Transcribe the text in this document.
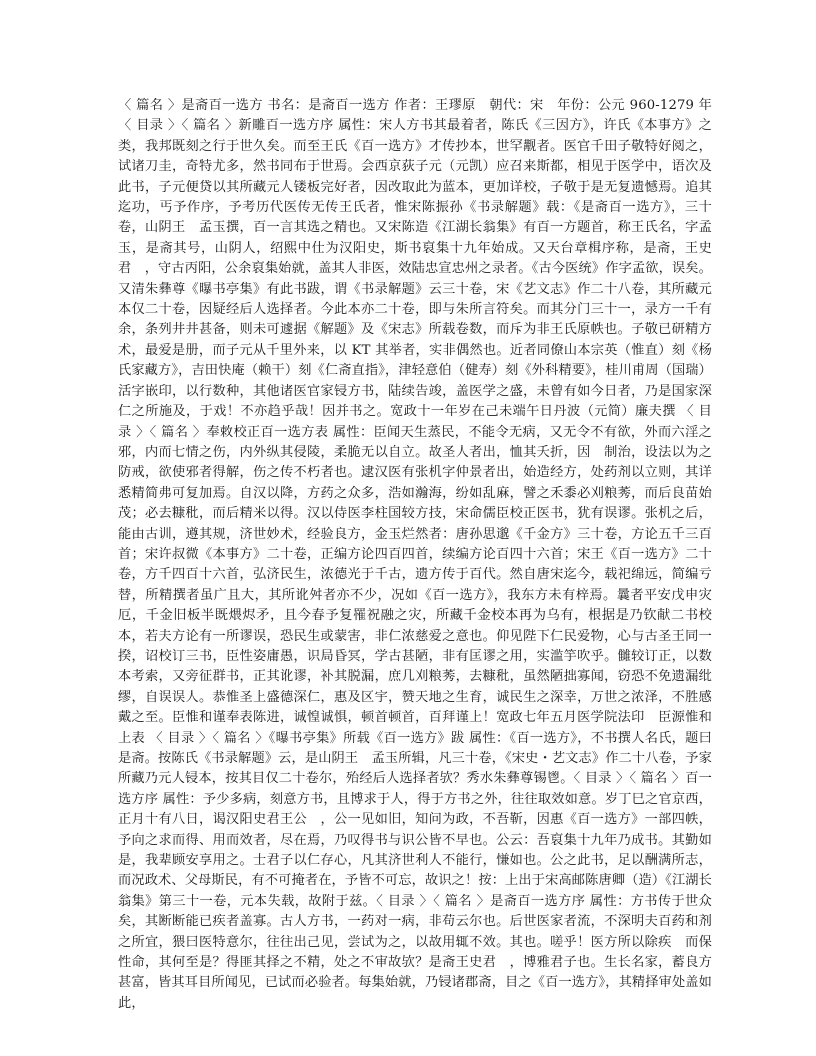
〈 篇名 〉是斋百一选方 书名：是斋百一选方 作者：王璆原　朝代：宋　年份：公元 960-1279 年 〈 目录 〉〈 篇名 〉新雕百一选方序 属性：宋人方书其最着者，陈氏《三因方》，许氏《本事方》之类，我邦既刻之行于世久矣。而至王氏《百一选方》才传抄本，世罕觏者。医官千田子敬特好阅之，试诸刀圭，奇特尤多，然书同布于世焉。会西京荻子元（元凯）应召来斯都，相见于医学中，语次及此书，子元便贷以其所藏元人镂板完好者，因改取此为蓝本，更加详校，子敬于是无复遗憾焉。追其迄功，丐予作序，予考历代医传无传王氏者，惟宋陈振孙《书录解题》载：《是斋百一选方》，三十卷，山阴王　孟玉撰，百一言其选之精也。又宋陈造《江湖长翁集》有百一方题首，称王氏名，字孟玉，是斋其号，山阴人，绍熙中仕为汉阳史，斯书裒集十九年始成。又天台章楫序称，是斋，王史君　，守古丙阳，公余裒集始就，盖其人非医，效陆忠宣忠州之录者。《古今医统》作字孟欲，误矣。又清朱彝尊《曝书亭集》有此书跋，谓《书录解题》云三十卷，宋《艺文志》作二十八卷，其所藏元本仅二十卷，因疑经后人选择者。今此本亦二十卷，即与朱所言符矣。而其分门三十一，录方一千有余，条列井井甚备，则未可遽据《解题》及《宋志》所载卷数，而斥为非王氏原帙也。子敬已研精方术，最爱是册，而子元从千里外来，以 KT 其举者，实非偶然也。近者同僚山本宗英（惟直）刻《杨氏家藏方》，吉田快庵（赖干）刻《仁斋直指》，津轻意伯（健寿）刻《外科精要》，桂川甫周（国瑞）活字嵌印，以行数种，其他诸医官家锓方书，陆续告竣，盖医学之盛，未曾有如今日者，乃是国家深仁之所施及，于戏！不亦趋乎哉！因并书之。宽政十一年岁在己未端午日丹波（元简）廉夫撰 〈 目录 〉〈 篇名 〉奉敕校正百一选方表 属性：臣闻天生蒸民，不能令无病，又无令不有欲，外而六淫之邪，内而七情之伤，内外纵其侵陵，柔脆无以自立。故圣人者出，恤其夭折，因　制治，设法以为之防戒，欲使邪者得解，伤之传不朽者也。逮汉医有张机字仲景者出，始造经方，处药剂以立则，其详悉精简弗可复加焉。自汉以降，方药之众多，浩如瀚海，纷如乱麻，譬之禾黍必刈粮莠，而后良苗始茂；必去糠秕，而后精米以得。汉以侍医李柱国较方技，宋命儒臣校正医书，犹有误谬。张机之后，能由古训，遵其规，济世妙术，经验良方，金玉烂然者：唐孙思邈《千金方》三十卷，方论五千三百首；宋许叔微《本事方》二十卷，正编方论四百四首，续编方论百四十六首；宋王《百一选方》二十卷，方千四百十六首，弘济民生，浓德光于千古，遗方传于百代。然自唐宋迄今，载祀绵远，简编亏替，所精撰者虽广且大，其所讹舛者亦不少，况如《百一选方》，我东方未有梓焉。曩者平安戊申灾厄，千金旧板半既煨烬矛，且今春予复罹祝融之灾，所藏千金校本再为乌有，根据是乃钦献二书校本，若夫方论有一所谬误，恐民生或蒙害，非仁浓慈爱之意也。仰见陛下仁民爱物，心与古圣王同一揆，诏校订三书，臣性姿庸愚，识局昏冥，学古甚陋，非有匡谬之用，实滥竽吹乎。雠较订正，以数本考索，又旁征群书，正其讹谬，补其脱漏，庶几刈粮莠，去糠秕，虽然陋拙寡闻，窃恐不免遗漏纰缪，自误误人。恭惟圣上盛德深仁，惠及区宇，赞天地之生育，诚民生之深幸，万世之浓泽，不胜感戴之至。臣惟和谨奉表陈进，诚惶诚惧，顿首顿首，百拜谨上！宽政七年五月医学院法印　臣源惟和上表 〈 目录 〉〈 篇名 〉《曝书亭集》所载《百一选方》跋 属性：《百一选方》，不书撰人名氏，题曰是斋。按陈氏《书录解题》云，是山阴王　孟玉所辑，凡三十卷，《宋史・艺文志》作二十八卷，予家所藏乃元人锓本，按其目仅二十卷尔，殆经后人选择者欤？秀水朱彝尊锡鬯。〈 目录 〉〈 篇名 〉百一选方序 属性：予少多病，刻意方书，且博求于人，得于方书之外，往往取效如意。岁丁巳之官京西，正月十有八日，谒汉阳史君王公　，公一见如旧，知问为政，不吾靳，因惠《百一选方》一部四帙，予向之求而得、用而效者，尽在焉，乃叹得书与识公皆不早也。公云：吾裒集十九年乃成书。其勤如是，我辈顾安享用之。士君子以仁存心，凡其济世利人不能行，慊如也。公之此书，足以酬满所志，而况政术、父母斯民，有不可掩者在，予皆不可忘，故识之！按：上出于宋高邮陈唐卿（造）《江湖长翁集》第三十一卷，元本失载，故附于兹。〈 目录 〉〈 篇名 〉是斋百一选方序 属性：方书传于世众矣，其断断能已疾者盖寡。古人方书，一药对一病，非苟云尔也。后世医家者流，不深明夫百药和剂之所宜，猥曰医特意尔，往往出己见，尝试为之，以故用辄不效。其也。嗟乎！医方所以除疾　而保性命，其何至是？得匪其择之不精，处之不审故欤？是斋王史君　，博雅君子也。生长名家，蓄良方甚富，皆其耳目所闻见，已试而必验者。每集始就，乃锓诸郡斋，目之《百一选方》，其精择审处盖如此，
